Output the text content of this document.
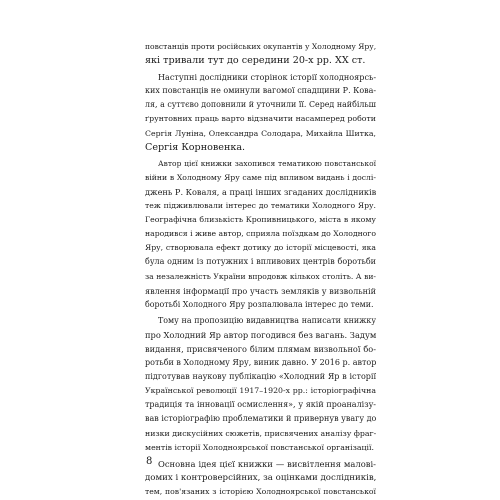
повстанців проти російських окупантів у Холодному Яру,
які тривали тут до середини 20-х рр. XX ст.
Наступні дослідники сторінок історії холодноярсь-
ких повстанців не оминули вагомої спадщини Р. Кова-
ля, а суттєво доповнили й уточнили її. Серед найбільш
ґрунтовних праць варто відзначити насамперед роботи
Сергія Луніна, Олександра Солодара, Михайла Шитка,
Сергія Корновенка.
Автор цієї книжки захопився тематикою повстанської
війни в Холодному Яру саме під впливом видань і дослі-
джень Р. Коваля, а праці інших згаданих дослідників
теж підживлювали інтерес до тематики Холодного Яру.
Географічна близькість Кропивницького, міста в якому
народився і живе автор, сприяла поїздкам до Холодного
Яру, створювала ефект дотику до історії місцевості, яка
була одним із потужних і впливових центрів боротьби
за незалежність України впродовж кількох століть. А ви-
явлення інформації про участь земляків у визвольній
боротьбі Холодного Яру розпалювала інтерес до теми.
Тому на пропозицію видавництва написати книжку
про Холодний Яр автор погодився без вагань. Задум
видання, присвяченого білим плямам визвольної бо-
ротьби в Холодному Яру, виник давно. У 2016 р. автор
підготував наукову публікацію «Холодний Яр в історії
Української революції 1917–1920-х рр.: історіографічна
традиція та інновації осмислення», у якій проаналізу-
вав історіографію проблематики й привернув увагу до
низки дискусійних сюжетів, присвячених аналізу фраг-
ментів історії Холодноярської повстанської організації.
Основна ідея цієї книжки — висвітлення малові-
домих і контроверсійних, за оцінками дослідників,
тем, пов'язаних з історією Холодноярської повстанської
8
